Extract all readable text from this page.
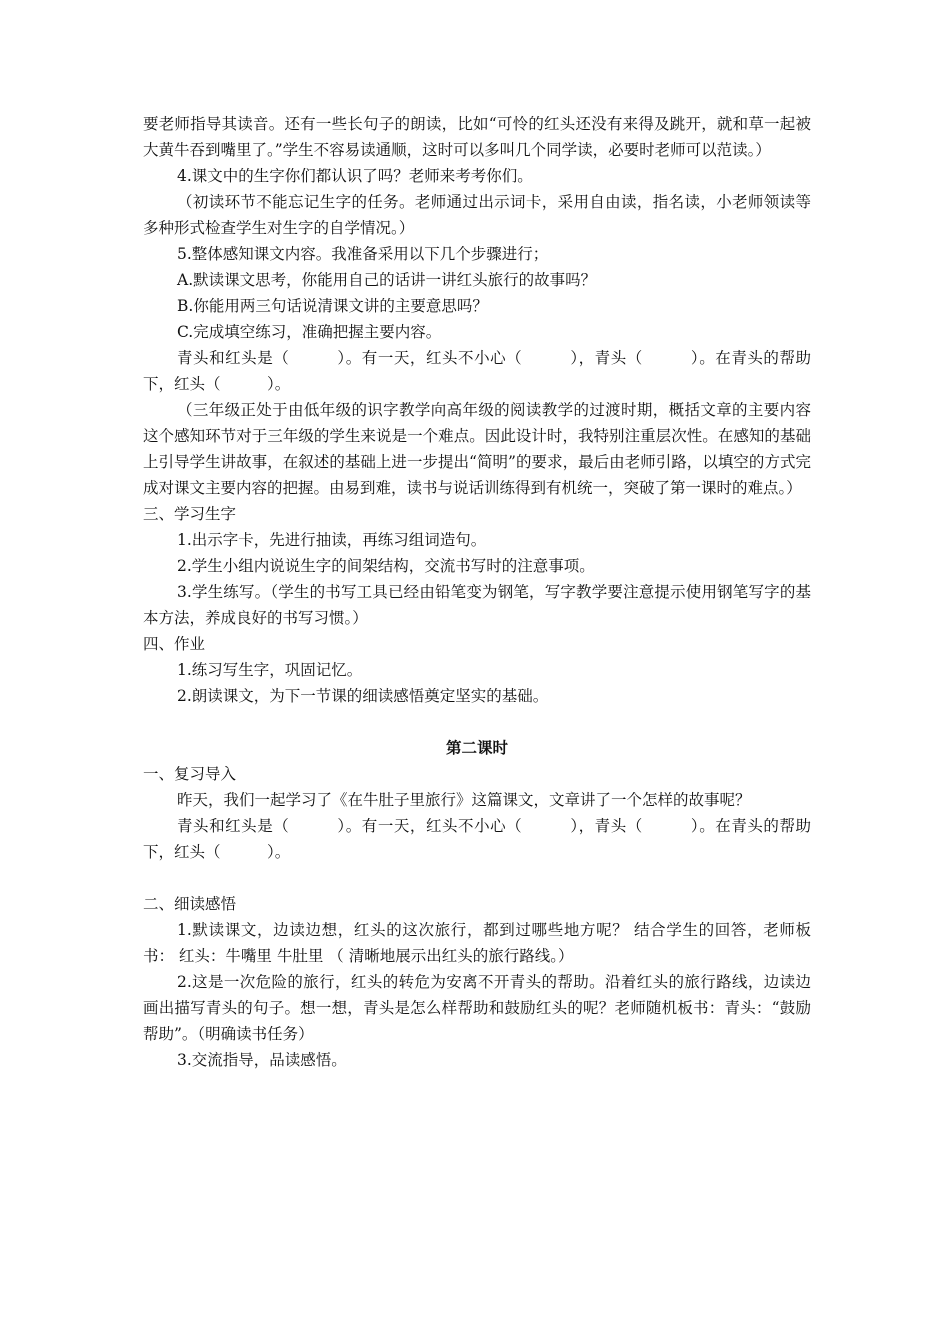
要老师指导其读音。还有一些长句子的朗读，比如“可怜的红头还没有来得及跳开，就和草一起被大黄牛吞到嘴里了。”学生不容易读通顺，这时可以多叫几个同学读，必要时老师可以范读。）

4.课文中的生字你们都认识了吗？老师来考考你们。

（初读环节不能忘记生字的任务。老师通过出示词卡，采用自由读，指名读，小老师领读等多种形式检查学生对生字的自学情况。）

5.整体感知课文内容。我准备采用以下几个步骤进行；

A.默读课文思考，你能用自己的话讲一讲红头旅行的故事吗？

B.你能用两三句话说清课文讲的主要意思吗？

C.完成填空练习，准确把握主要内容。

青头和红头是（　　　）。有一天，红头不小心（　　　），青头（　　　）。在青头的帮助下，红头（　　　）。

（三年级正处于由低年级的识字教学向高年级的阅读教学的过渡时期，概括文章的主要内容这个感知环节对于三年级的学生来说是一个难点。因此设计时，我特别注重层次性。在感知的基础上引导学生讲故事，在叙述的基础上进一步提出“简明”的要求，最后由老师引路，以填空的方式完成对课文主要内容的把握。由易到难，读书与说话训练得到有机统一，突破了第一课时的难点。）

三、学习生字

1.出示字卡，先进行抽读，再练习组词造句。

2.学生小组内说说生字的间架结构，交流书写时的注意事项。

3.学生练写。（学生的书写工具已经由铅笔变为钢笔，写字教学要注意提示使用钢笔写字的基本方法，养成良好的书写习惯。）

四、作业

1.练习写生字，巩固记忆。

2.朗读课文，为下一节课的细读感悟奠定坚实的基础。

第二课时

一、复习导入

昨天，我们一起学习了《在牛肚子里旅行》这篇课文，文章讲了一个怎样的故事呢？

青头和红头是（　　　）。有一天，红头不小心（　　　），青头（　　　）。在青头的帮助下，红头（　　　）。

二、细读感悟

1.默读课文，边读边想，红头的这次旅行，都到过哪些地方呢？ 结合学生的回答，老师板书： 红头：牛嘴里 牛肚里 （ 清晰地展示出红头的旅行路线。）

2.这是一次危险的旅行，红头的转危为安离不开青头的帮助。沿着红头的旅行路线，边读边画出描写青头的句子。想一想，青头是怎么样帮助和鼓励红头的呢？老师随机板书：青头：“鼓励 帮助”。（明确读书任务）

3.交流指导，品读感悟。
